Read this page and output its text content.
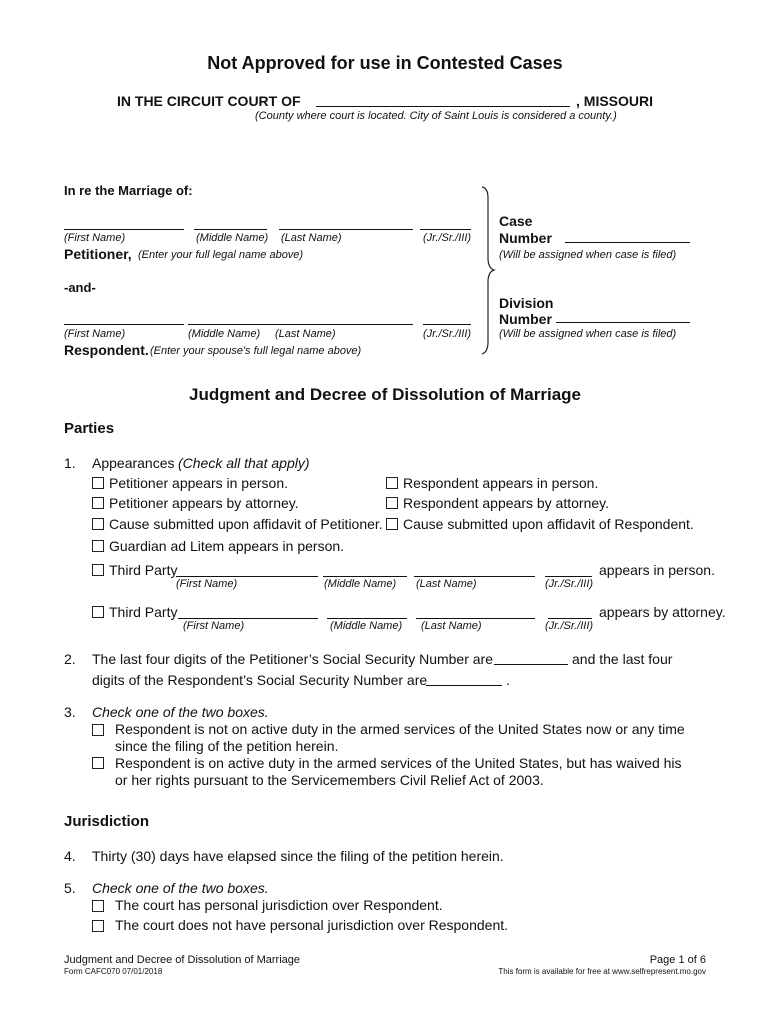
Not Approved for use in Contested Cases
IN THE CIRCUIT COURT OF	, MISSOURI
(County where court is located. City of Saint Louis is considered a county.)
In re the Marriage of:
(First Name)	(Middle Name) (Last Name)	(Jr./Sr./III)
Petitioner, (Enter your full legal name above)
-and-
(First Name)	(Middle Name) (Last Name)	(Jr./Sr./III)
Respondent. (Enter your spouse's full legal name above)
Case
Number
(Will be assigned when case is filed)
Division
Number
(Will be assigned when case is filed)
Judgment and Decree of Dissolution of Marriage
Parties
1. Appearances (Check all that apply)
Petitioner appears in person.
Petitioner appears by attorney.
Cause submitted upon affidavit of Petitioner.
Respondent appears in person.
Respondent appears by attorney.
Cause submitted upon affidavit of Respondent.
Guardian ad Litem appears in person.
Third Party	appears in person.
(First Name)	(Middle Name) (Last Name)	(Jr./Sr./III)
Third Party	appears by attorney.
(First Name)	(Middle Name) (Last Name)	(Jr./Sr./III)
2. The last four digits of the Petitioner’s Social Security Number are	and the last four
digits of the Respondent’s Social Security Number are	.
3. Check one of the two boxes.
Respondent is not on active duty in the armed services of the United States now or any time
since the filing of the petition herein.
Respondent is on active duty in the armed services of the United States, but has waived his
or her rights pursuant to the Servicemembers Civil Relief Act of 2003.
Jurisdiction
4. Thirty (30) days have elapsed since the filing of the petition herein.
5. Check one of the two boxes.
The court has personal jurisdiction over Respondent.
The court does not have personal jurisdiction over Respondent.
Judgment and Decree of Dissolution of Marriage
Form CAFC070 07/01/2018
Page 1 of 6
This form is available for free at www.selfrepresent.mo.gov
